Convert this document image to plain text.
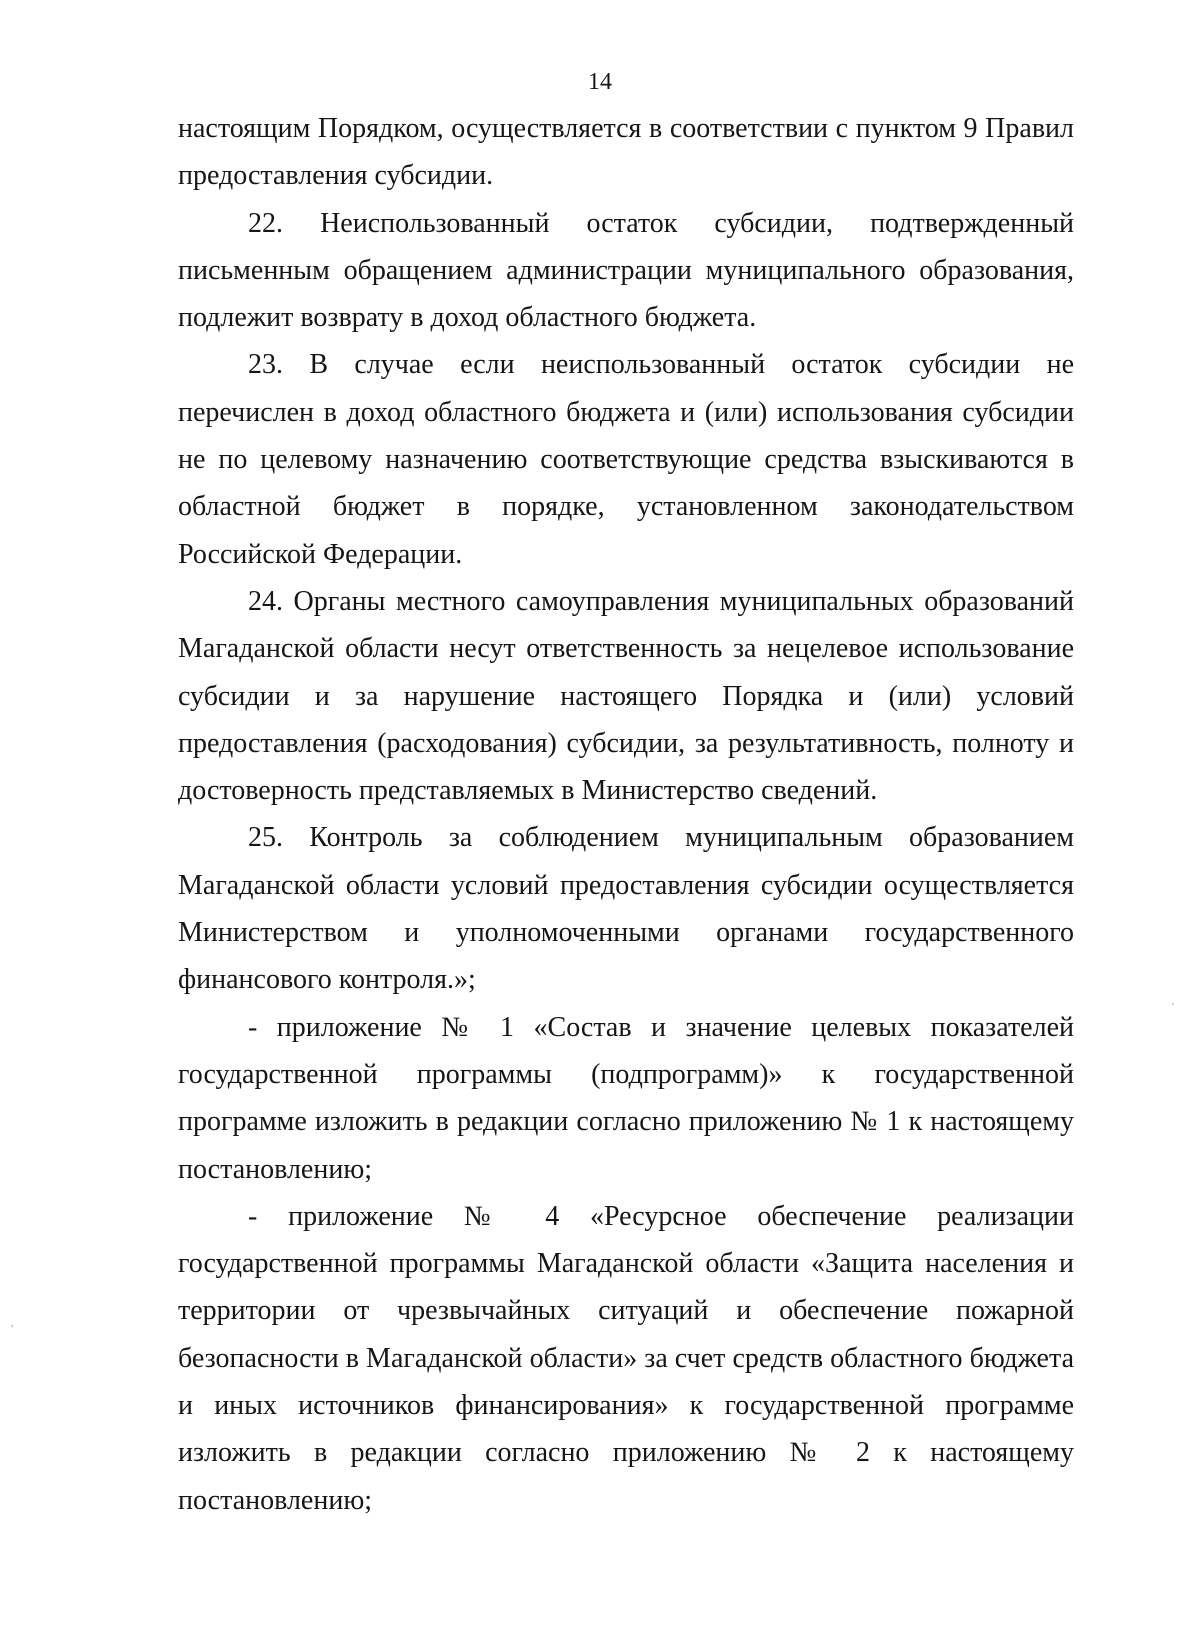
14

настоящим Порядком, осуществляется в соответствии с пунктом 9 Правил предоставления субсидии.

22. Неиспользованный остаток субсидии, подтвержденный письменным обращением администрации муниципального образования, подлежит возврату в доход областного бюджета.

23. В случае если неиспользованный остаток субсидии не перечислен в доход областного бюджета и (или) использования субсидии не по целевому назначению соответствующие средства взыскиваются в областной бюджет в порядке, установленном законодательством Российской Федерации.

24. Органы местного самоуправления муниципальных образований Магаданской области несут ответственность за нецелевое использование субсидии и за нарушение настоящего Порядка и (или) условий предоставления (расходования) субсидии, за результативность, полноту и достоверность представляемых в Министерство сведений.

25. Контроль за соблюдением муниципальным образованием Магаданской области условий предоставления субсидии осуществляется Министерством и уполномоченными органами государственного финансового контроля.»;

- приложение № 1 «Состав и значение целевых показателей государственной программы (подпрограмм)» к государственной программе изложить в редакции согласно приложению № 1 к настоящему постановлению;

- приложение № 4 «Ресурсное обеспечение реализации государственной программы Магаданской области «Защита населения и территории от чрезвычайных ситуаций и обеспечение пожарной безопасности в Магаданской области» за счет средств областного бюджета и иных источников финансирования» к государственной программе изложить в редакции согласно приложению № 2 к настоящему постановлению;

'
,
